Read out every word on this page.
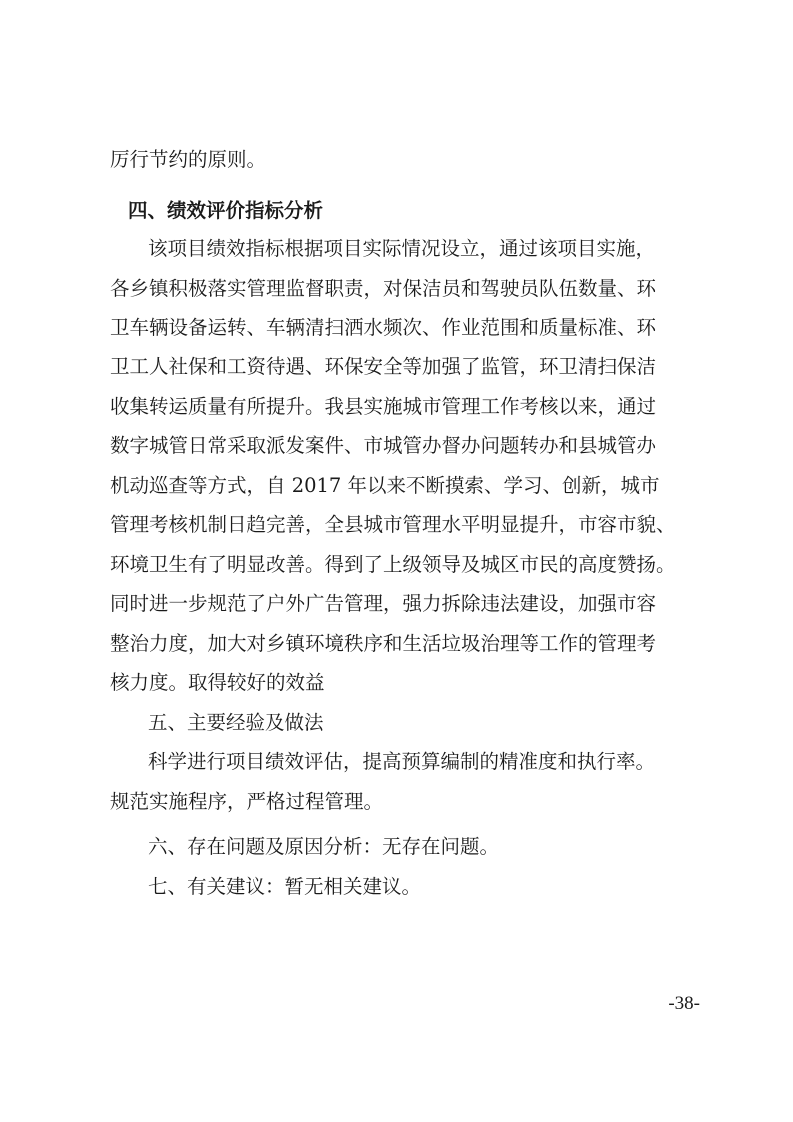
厉行节约的原则。
四、绩效评价指标分析
该项目绩效指标根据项目实际情况设立，通过该项目实施，
各乡镇积极落实管理监督职责，对保洁员和驾驶员队伍数量、环
卫车辆设备运转、车辆清扫洒水频次、作业范围和质量标准、环
卫工人社保和工资待遇、环保安全等加强了监管，环卫清扫保洁
收集转运质量有所提升。我县实施城市管理工作考核以来，通过
数字城管日常采取派发案件、市城管办督办问题转办和县城管办
机动巡查等方式，自 2017 年以来不断摸索、学习、创新，城市
管理考核机制日趋完善，全县城市管理水平明显提升，市容市貌、
环境卫生有了明显改善。得到了上级领导及城区市民的高度赞扬。
同时进一步规范了户外广告管理，强力拆除违法建设，加强市容
整治力度，加大对乡镇环境秩序和生活垃圾治理等工作的管理考
核力度。取得较好的效益
五、主要经验及做法
科学进行项目绩效评估，提高预算编制的精准度和执行率。
规范实施程序，严格过程管理。
六、存在问题及原因分析：无存在问题。
七、有关建议：暂无相关建议。
-38-
